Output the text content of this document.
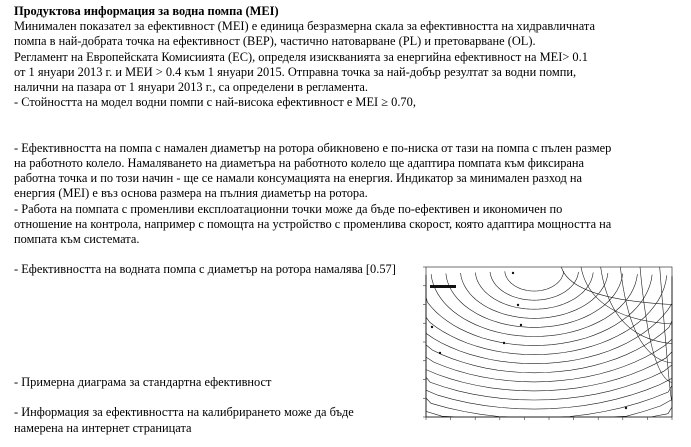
Продуктова информация за водна помпа (MEI)
Минимален показател за ефективност (MEI) е единица безразмерна скала за ефективността на хидравличната
помпа в най-добрата точка на ефективност (BEP), частично натоварване (PL) и претоварване (OL).
Регламент на Европейската Комисиията (ЕС), определя изискванията за енергийна ефективност на MEI> 0.1
от 1 януари 2013 г. и МЕИ > 0.4 към 1 януари 2015. Отправна точка за най-добър резултат за водни помпи,
налични на пазара от 1 януари 2013 г., са определени в регламента.
- Стойността на модел водни помпи с най-висока ефективност е MEI ≥ 0.70,
- Ефективността на помпа с намален диаметър на ротора обикновено е по-ниска от тази на помпа с пълен размер
на работното колело. Намаляването на диаметъра на работното колело ще адаптира помпата към фиксирана
работна точка и по този начин - ще се намали консумацията на енергия. Индикатор за минимален разход на
енергия (MEI) е въз основа размера на пълния диаметър на ротора.
- Работа на помпата с променливи експлоатационни точки може да бъде по-ефективен и икономичен по
отношение на контрола, например с помощта на устройство с променлива скорост, която адаптира мощността на
помпата към системата.
- Ефективността на водната помпа с диаметър на ротора намалява [0.57]
- Примерна диаграма за стандартна ефективност
- Информация за ефективността на калибрирането може да бъде
намерена на интернет страницата
